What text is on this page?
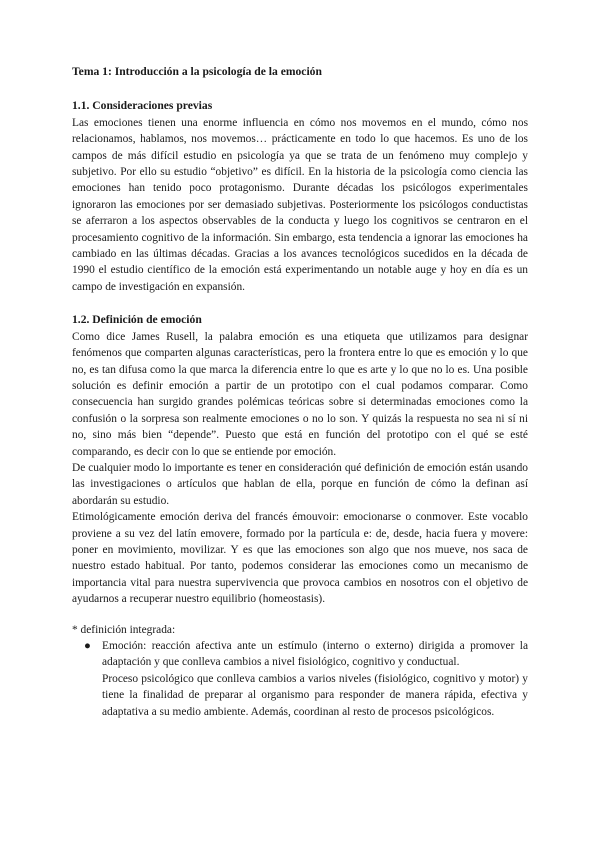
Tema 1: Introducción a la psicología de la emoción

1.1. Consideraciones previas

Las emociones tienen una enorme influencia en cómo nos movemos en el mundo, cómo nos relacionamos, hablamos, nos movemos… prácticamente en todo lo que hacemos. Es uno de los campos de más difícil estudio en psicología ya que se trata de un fenómeno muy complejo y subjetivo. Por ello su estudio “objetivo” es difícil. En la historia de la psicología como ciencia las emociones han tenido poco protagonismo. Durante décadas los psicólogos experimentales ignoraron las emociones por ser demasiado subjetivas. Posteriormente los psicólogos conductistas se aferraron a los aspectos observables de la conducta y luego los cognitivos se centraron en el procesamiento cognitivo de la información. Sin embargo, esta tendencia a ignorar las emociones ha cambiado en las últimas décadas. Gracias a los avances tecnológicos sucedidos en la década de 1990 el estudio científico de la emoción está experimentando un notable auge y hoy en día es un campo de investigación en expansión.

1.2. Definición de emoción

Como dice James Rusell, la palabra emoción es una etiqueta que utilizamos para designar fenómenos que comparten algunas características, pero la frontera entre lo que es emoción y lo que no, es tan difusa como la que marca la diferencia entre lo que es arte y lo que no lo es. Una posible solución es definir emoción a partir de un prototipo con el cual podamos comparar. Como consecuencia han surgido grandes polémicas teóricas sobre si determinadas emociones como la confusión o la sorpresa son realmente emociones o no lo son. Y quizás la respuesta no sea ni sí ni no, sino más bien “depende”. Puesto que está en función del prototipo con el qué se esté comparando, es decir con lo que se entiende por emoción.

De cualquier modo lo importante es tener en consideración qué definición de emoción están usando las investigaciones o artículos que hablan de ella, porque en función de cómo la definan así abordarán su estudio.

Etimológicamente emoción deriva del francés émouvoir: emocionarse o conmover. Este vocablo proviene a su vez del latín emovere, formado por la partícula e: de, desde, hacia fuera y movere: poner en movimiento, movilizar. Y es que las emociones son algo que nos mueve, nos saca de nuestro estado habitual. Por tanto, podemos considerar las emociones como un mecanismo de importancia vital para nuestra supervivencia que provoca cambios en nosotros con el objetivo de ayudarnos a recuperar nuestro equilibrio (homeostasis).

* definición integrada:

● Emoción: reacción afectiva ante un estímulo (interno o externo) dirigida a promover la adaptación y que conlleva cambios a nivel fisiológico, cognitivo y conductual.

Proceso psicológico que conlleva cambios a varios niveles (fisiológico, cognitivo y motor) y tiene la finalidad de preparar al organismo para responder de manera rápida, efectiva y adaptativa a su medio ambiente. Además, coordinan al resto de procesos psicológicos.
